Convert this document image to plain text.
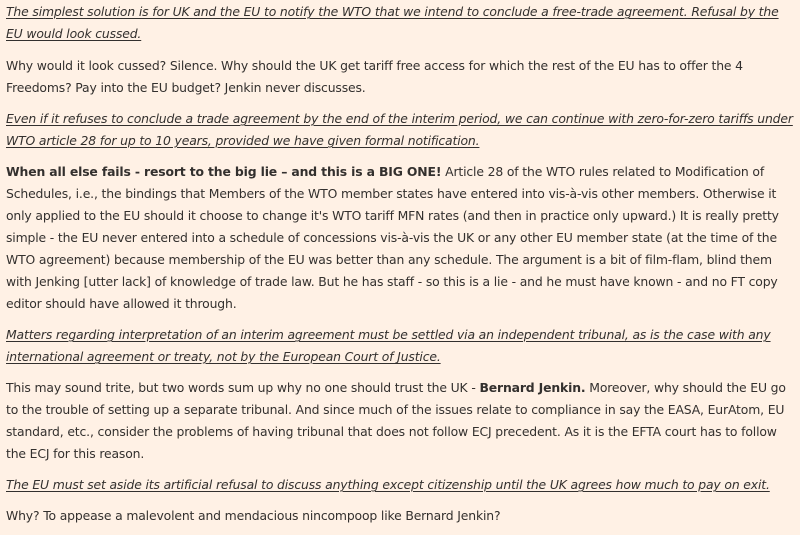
The simplest solution is for UK and the EU to notify the WTO that we intend to conclude a free-trade agreement. Refusal by the EU would look cussed.

Why would it look cussed? Silence. Why should the UK get tariff free access for which the rest of the EU has to offer the 4 Freedoms? Pay into the EU budget? Jenkin never discusses.

Even if it refuses to conclude a trade agreement by the end of the interim period, we can continue with zero-for-zero tariffs under WTO article 28 for up to 10 years, provided we have given formal notification.

When all else fails - resort to the big lie – and this is a BIG ONE! Article 28 of the WTO rules related to Modification of Schedules, i.e., the bindings that Members of the WTO member states have entered into vis-à-vis other members. Otherwise it only applied to the EU should it choose to change it's WTO tariff MFN rates (and then in practice only upward.) It is really pretty simple - the EU never entered into a schedule of concessions vis-à-vis the UK or any other EU member state (at the time of the WTO agreement) because membership of the EU was better than any schedule. The argument is a bit of film-flam, blind them with Jenking [utter lack] of knowledge of trade law. But he has staff - so this is a lie - and he must have known - and no FT copy editor should have allowed it through.

Matters regarding interpretation of an interim agreement must be settled via an independent tribunal, as is the case with any international agreement or treaty, not by the European Court of Justice.

This may sound trite, but two words sum up why no one should trust the UK - Bernard Jenkin. Moreover, why should the EU go to the trouble of setting up a separate tribunal. And since much of the issues relate to compliance in say the EASA, EurAtom, EU standard, etc., consider the problems of having tribunal that does not follow ECJ precedent. As it is the EFTA court has to follow the ECJ for this reason.

The EU must set aside its artificial refusal to discuss anything except citizenship until the UK agrees how much to pay on exit.

Why? To appease a malevolent and mendacious nincompoop like Bernard Jenkin?
